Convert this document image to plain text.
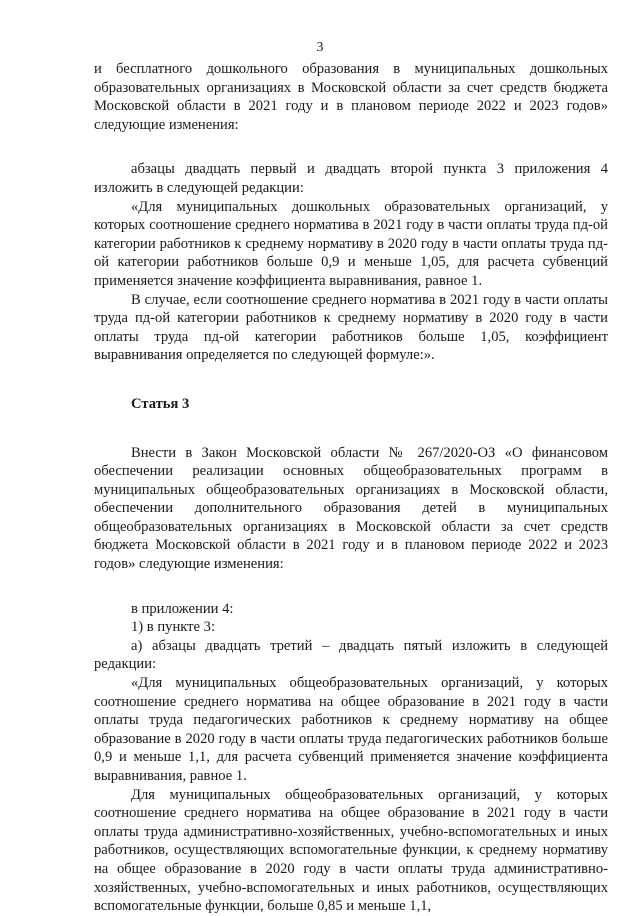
3

и бесплатного дошкольного образования в муниципальных дошкольных образовательных организациях в Московской области за счет средств бюджета Московской области в 2021 году и в плановом периоде 2022 и 2023 годов» следующие изменения:

абзацы двадцать первый и двадцать второй пункта 3 приложения 4 изложить в следующей редакции:

«Для муниципальных дошкольных образовательных организаций, у которых соотношение среднего норматива в 2021 году в части оплаты труда пд-ой категории работников к среднему нормативу в 2020 году в части оплаты труда пд-ой категории работников больше 0,9 и меньше 1,05, для расчета субвенций применяется значение коэффициента выравнивания, равное 1.

В случае, если соотношение среднего норматива в 2021 году в части оплаты труда пд-ой категории работников к среднему нормативу в 2020 году в части оплаты труда пд-ой категории работников больше 1,05, коэффициент выравнивания определяется по следующей формуле:».

Статья 3

Внести в Закон Московской области № 267/2020-ОЗ «О финансовом обеспечении реализации основных общеобразовательных программ в муниципальных общеобразовательных организациях в Московской области, обеспечении дополнительного образования детей в муниципальных общеобразовательных организациях в Московской области за счет средств бюджета Московской области в 2021 году и в плановом периоде 2022 и 2023 годов» следующие изменения:

в приложении 4:

1) в пункте 3:

а) абзацы двадцать третий – двадцать пятый изложить в следующей редакции:

«Для муниципальных общеобразовательных организаций, у которых соотношение среднего норматива на общее образование в 2021 году в части оплаты труда педагогических работников к среднему нормативу на общее образование в 2020 году в части оплаты труда педагогических работников больше 0,9 и меньше 1,1, для расчета субвенций применяется значение коэффициента выравнивания, равное 1.

Для муниципальных общеобразовательных организаций, у которых соотношение среднего норматива на общее образование в 2021 году в части оплаты труда административно-хозяйственных, учебно-вспомогательных и иных работников, осуществляющих вспомогательные функции, к среднему нормативу на общее образование в 2020 году в части оплаты труда административно-хозяйственных, учебно-вспомогательных и иных работников, осуществляющих вспомогательные функции, больше 0,85 и меньше 1,1,
